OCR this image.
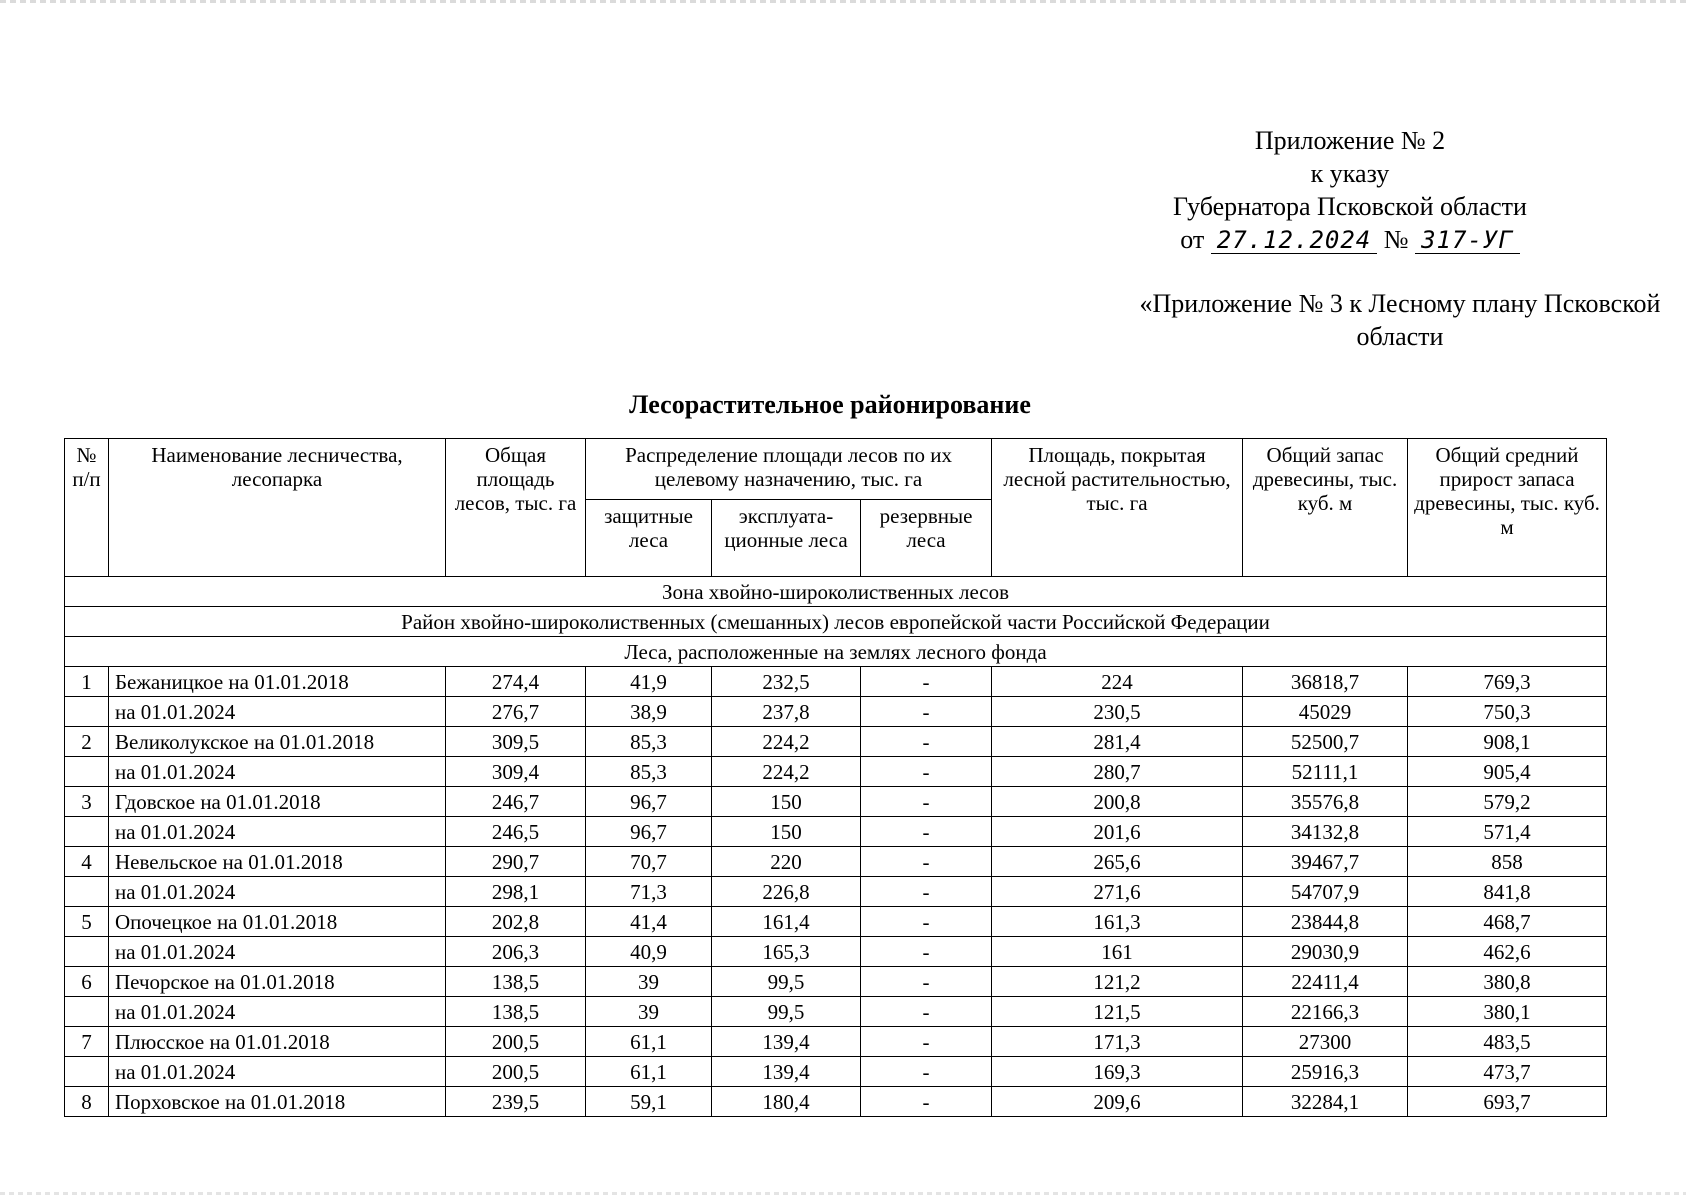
Приложение № 2
к указу
Губернатора Псковской области
от 27.12.2024 № 317-УГ
«Приложение № 3 к Лесному плану Псковской области
Лесорастительное районирование
№ п/п	Наименование лесничества, лесопарка	Общая площадь лесов, тыс. га	Распределение площади лесов по их целевому назначению, тыс. га			Площадь, покрытая лесной растительностью, тыс. га	Общий запас древесины, тыс. куб. м	Общий средний прирост запаса древесины, тыс. куб. м
			защитные леса	эксплуата-ционные леса	резервные леса			
Зона хвойно-широколиственных лесов								
Район хвойно-широколиственных (смешанных) лесов европейской части Российской Федерации								
Леса, расположенные на землях лесного фонда								
1	Бежаницкое на 01.01.2018	274,4	41,9	232,5	-	224	36818,7	769,3
	на 01.01.2024	276,7	38,9	237,8	-	230,5	45029	750,3
2	Великолукское на 01.01.2018	309,5	85,3	224,2	-	281,4	52500,7	908,1
	на 01.01.2024	309,4	85,3	224,2	-	280,7	52111,1	905,4
3	Гдовское на 01.01.2018	246,7	96,7	150	-	200,8	35576,8	579,2
	на 01.01.2024	246,5	96,7	150	-	201,6	34132,8	571,4
4	Невельское на 01.01.2018	290,7	70,7	220	-	265,6	39467,7	858
	на 01.01.2024	298,1	71,3	226,8	-	271,6	54707,9	841,8
5	Опочецкое на 01.01.2018	202,8	41,4	161,4	-	161,3	23844,8	468,7
	на 01.01.2024	206,3	40,9	165,3	-	161	29030,9	462,6
6	Печорское на 01.01.2018	138,5	39	99,5	-	121,2	22411,4	380,8
	на 01.01.2024	138,5	39	99,5	-	121,5	22166,3	380,1
7	Плюсское на 01.01.2018	200,5	61,1	139,4	-	171,3	27300	483,5
	на 01.01.2024	200,5	61,1	139,4	-	169,3	25916,3	473,7
8	Порховское на 01.01.2018	239,5	59,1	180,4	-	209,6	32284,1	693,7
